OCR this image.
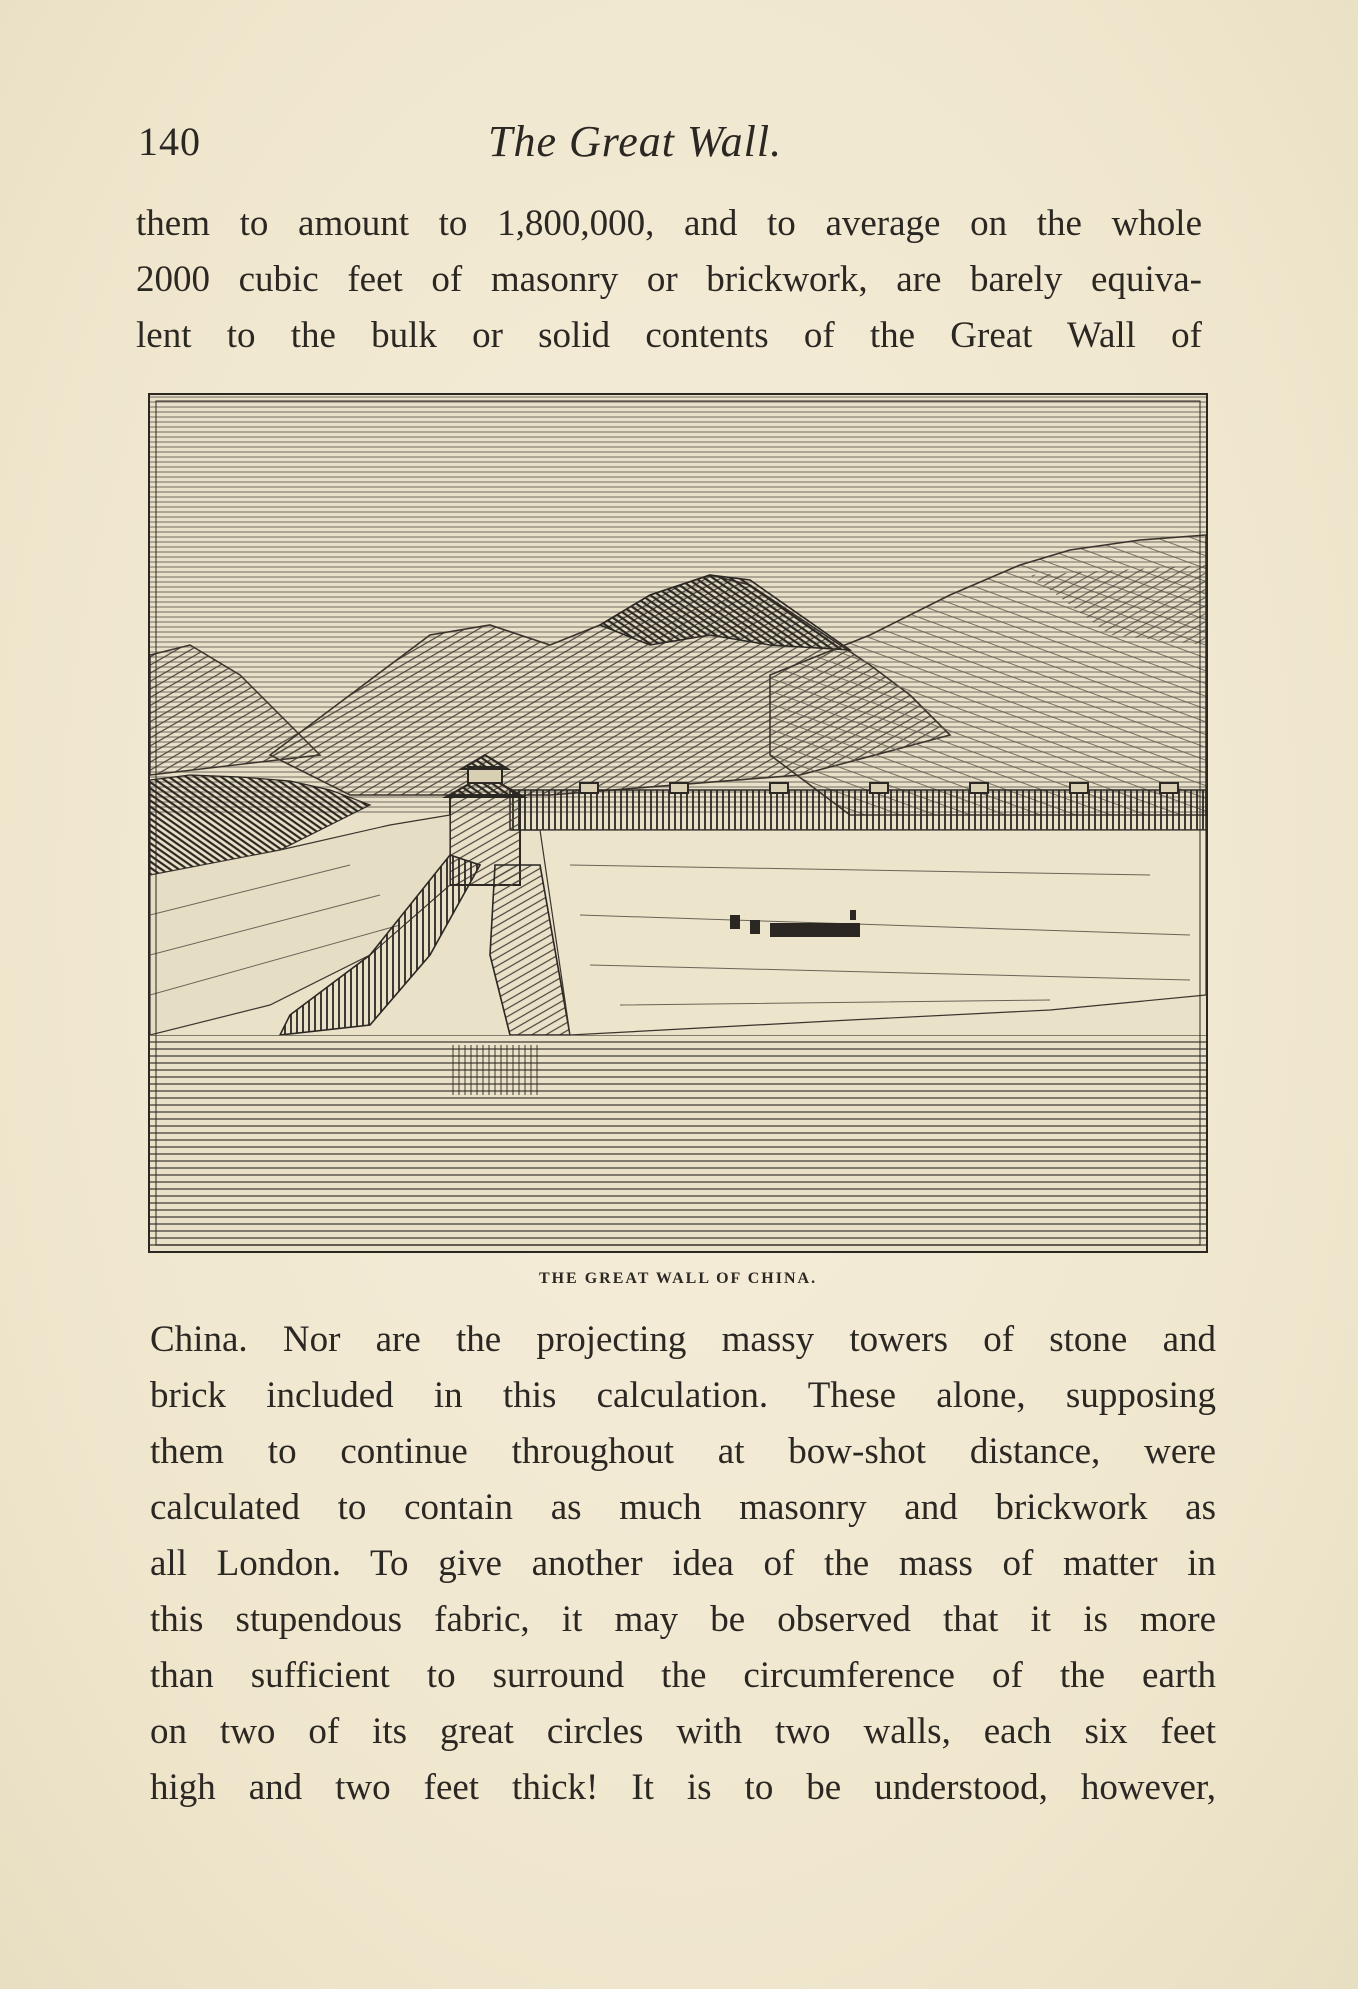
140	The Great Wall.
them to amount to 1,800,000, and to average on the whole
2000 cubic feet of masonry or brickwork, are barely equiva-
lent to the bulk or solid contents of the Great Wall of
THE GREAT WALL OF CHINA.
China. Nor are the projecting massy towers of stone and
brick included in this calculation. These alone, supposing
them to continue throughout at bow-shot distance, were
calculated to contain as much masonry and brickwork as
all London. To give another idea of the mass of matter in
this stupendous fabric, it may be observed that it is more
than sufficient to surround the circumference of the earth
on two of its great circles with two walls, each six feet
high and two feet thick! It is to be understood, however,
